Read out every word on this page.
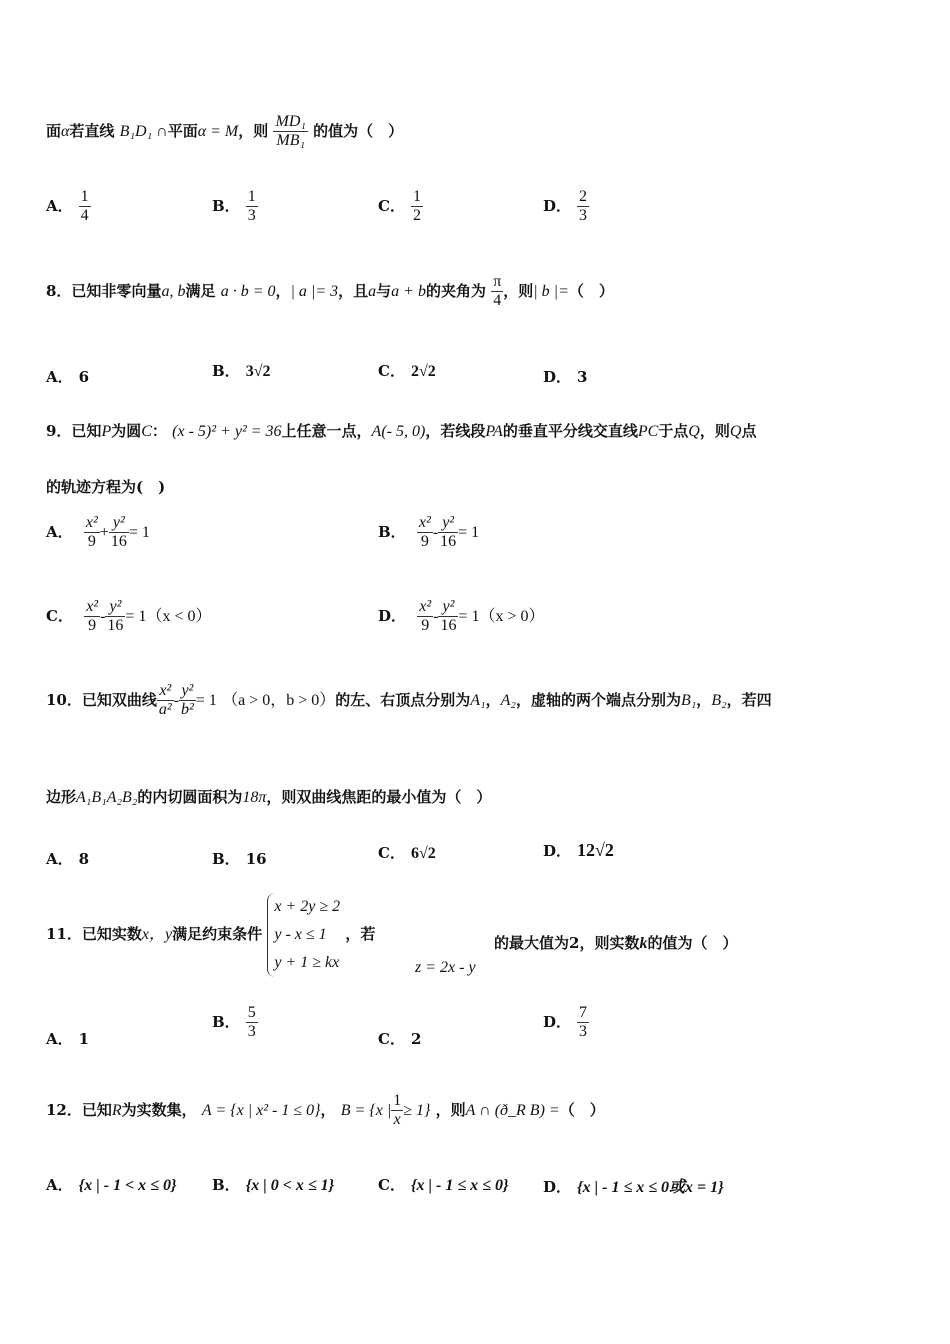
面α若直线 B₁D₁ ∩平面α = M，则 $\frac{\text{MD₁}}{\text{MB₁}}$ 的值为（　）
A． $\frac{1}{4}$	B． $\frac{1}{3}$	C． $\frac{1}{2}$	D． $\frac{2}{3}$
8．已知非零向量a, b满足 a · b = 0，| a |= 3，且a与a + b的夹角为 $\frac{\pi}{4}$ ，则| b |=（　）
A． 6	B． 3√2	C． 2√2	D． 3
9．已知P为圆C： (x - 5)² + y² = 36上任意一点，A(- 5, 0)，若线段PA的垂直平分线交直线PC于点Q，则Q点
的轨迹方程为(　)
A． $\frac{\text{x²}}{9} + \frac{\text{y²}}{16} = 1$	B． $\frac{\text{x²}}{9} - \frac{\text{y²}}{16} = 1$
C． $\frac{\text{x²}}{9} - \frac{\text{y²}}{16} = 1(x < 0)$	D． $\frac{\text{x²}}{9} - \frac{\text{y²}}{16} = 1(x > 0)$
10．已知双曲线 $\frac{\text{x²}}{\text{a²}} - \frac{\text{y²}}{\text{b²}} = 1$ （a > 0，b > 0）的左、右顶点分别为A₁，A₂，虚轴的两个端点分别为B₁，B₂，若四
边形A₁B₁A₂B₂的内切圆面积为18π，则双曲线焦距的最小值为（　）
A． 8	B． 16	C． 6√2	D． 12√2
11．已知实数x，y满足约束条件
x + 2y ≥ 2
y - x ≤ 1
y + 1 ≥ kx
，若
z = 2x - y
的最大值为2，则实数k的值为（　）
A． 1
B． $\frac{5}{3}$	C． 2
D． $\frac{7}{3}$
12．已知R为实数集， A = {x | x² - 1 ≤ 0}， B = {x | $\frac{1}{x} \ge 1$} ，则A ∩ (ð_R B) =（　）
A． {x | - 1 < x ≤ 0} B． {x | 0 < x ≤ 1}	C． {x | - 1 ≤ x ≤ 0} D． {x | - 1 ≤ x ≤ 0或x = 1}
